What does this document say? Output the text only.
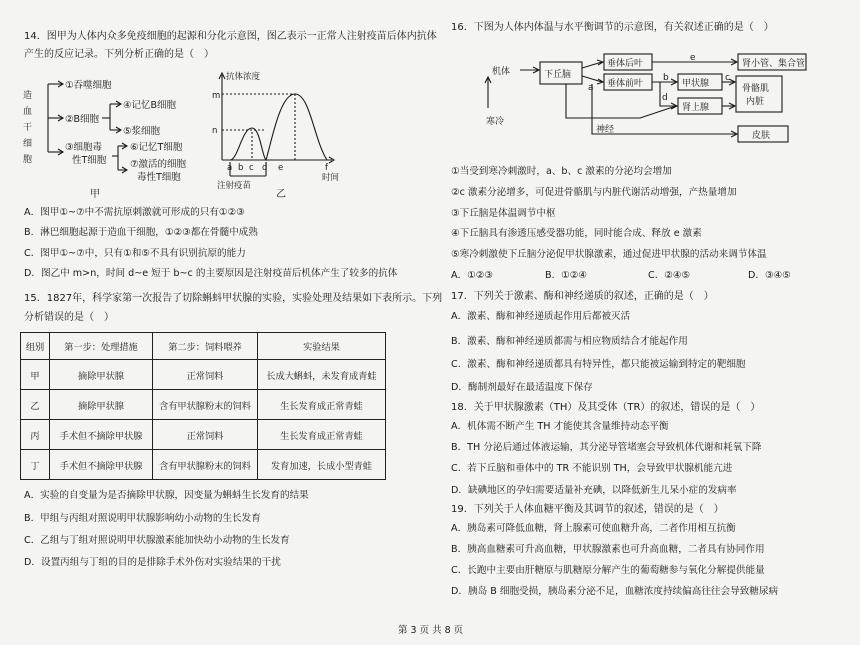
14．图甲为人体内众多免疫细胞的起源和分化示意图，图乙表示一正常人注射疫苗后体内抗体
产生的反应记录。下列分析正确的是（　）
造
血
干
细
胞
①吞噬细胞
②B细胞
④记忆B细胞
⑤浆细胞
⑥记忆T细胞
③细胞毒
性T细胞 ⑦激活的细胞
毒性T细胞
甲
抗体浓度
m
n
a b c d e	f
时间
注射疫苗
乙
A．图甲①~⑦中不需抗原刺激就可形成的只有①②③
B．淋巴细胞起源于造血干细胞，①②③都在骨髓中成熟
C．图甲①~⑦中，只有①和⑤不具有识别抗原的能力
D．图乙中 m>n，时间 d~e 短于 b~c 的主要原因是注射疫苗后机体产生了较多的抗体
15．1827年，科学家第一次报告了切除蝌蚪甲状腺的实验，实验处理及结果如下表所示。下列
分析错误的是（　）
组别	第一步：处理措施	第二步：饲料喂养	实验结果
甲	摘除甲状腺	正常饲料	长成大蝌蚪，未发育成青蛙
乙	摘除甲状腺	含有甲状腺粉末的饲料	生长发育成正常青蛙
丙	手术但不摘除甲状腺	正常饲料	生长发育成正常青蛙
丁	手术但不摘除甲状腺	含有甲状腺粉末的饲料	发育加速，长成小型青蛙
A．实验的自变量为是否摘除甲状腺，因变量为蝌蚪生长发育的结果
B．甲组与丙组对照说明甲状腺影响幼小动物的生长发育
C．乙组与丁组对照说明甲状腺激素能加快幼小动物的生长发育
D．设置丙组与丁组的目的是排除手术外伤对实验结果的干扰
16．下图为人体内体温与水平衡调节的示意图，有关叙述正确的是（　）
机体
寒冷
下丘脑
垂体后叶
垂体前叶	甲状腺
肾上腺
肾小管、集合管
骨骼肌
内脏
皮肤
神经
a
b	c
d
e
①当受到寒冷刺激时，a、b、c 激素的分泌均会增加
②c 激素分泌增多，可促进骨骼肌与内脏代谢活动增强，产热量增加
③下丘脑是体温调节中枢
④下丘脑具有渗透压感受器功能，同时能合成、释放 e 激素
⑤寒冷刺激使下丘脑分泌促甲状腺激素，通过促进甲状腺的活动来调节体温
A．①②③	B．①②④	C．②④⑤	D．③④⑤
17．下列关于激素、酶和神经递质的叙述，正确的是（　）
A．激素、酶和神经递质起作用后都被灭活
B．激素、酶和神经递质都需与相应物质结合才能起作用
C．激素、酶和神经递质都具有特异性，都只能被运输到特定的靶细胞
D．酶制剂最好在最适温度下保存
18．关于甲状腺激素（TH）及其受体（TR）的叙述，错误的是（　）
A．机体需不断产生 TH 才能使其含量维持动态平衡
B．TH 分泌后通过体液运输，其分泌导管堵塞会导致机体代谢和耗氧下降
C．若下丘脑和垂体中的 TR 不能识别 TH，会导致甲状腺机能亢进
D．缺碘地区的孕妇需要适量补充碘，以降低新生儿呆小症的发病率
19．下列关于人体血糖平衡及其调节的叙述，错误的是（　）
A．胰岛素可降低血糖，肾上腺素可使血糖升高，二者作用相互抗衡
B．胰高血糖素可升高血糖，甲状腺激素也可升高血糖，二者具有协同作用
C．长跑中主要由肝糖原与肌糖原分解产生的葡萄糖参与氧化分解提供能量
D．胰岛 B 细胞受损，胰岛素分泌不足，血糖浓度持续偏高往往会导致糖尿病
第 3 页 共 8 页
